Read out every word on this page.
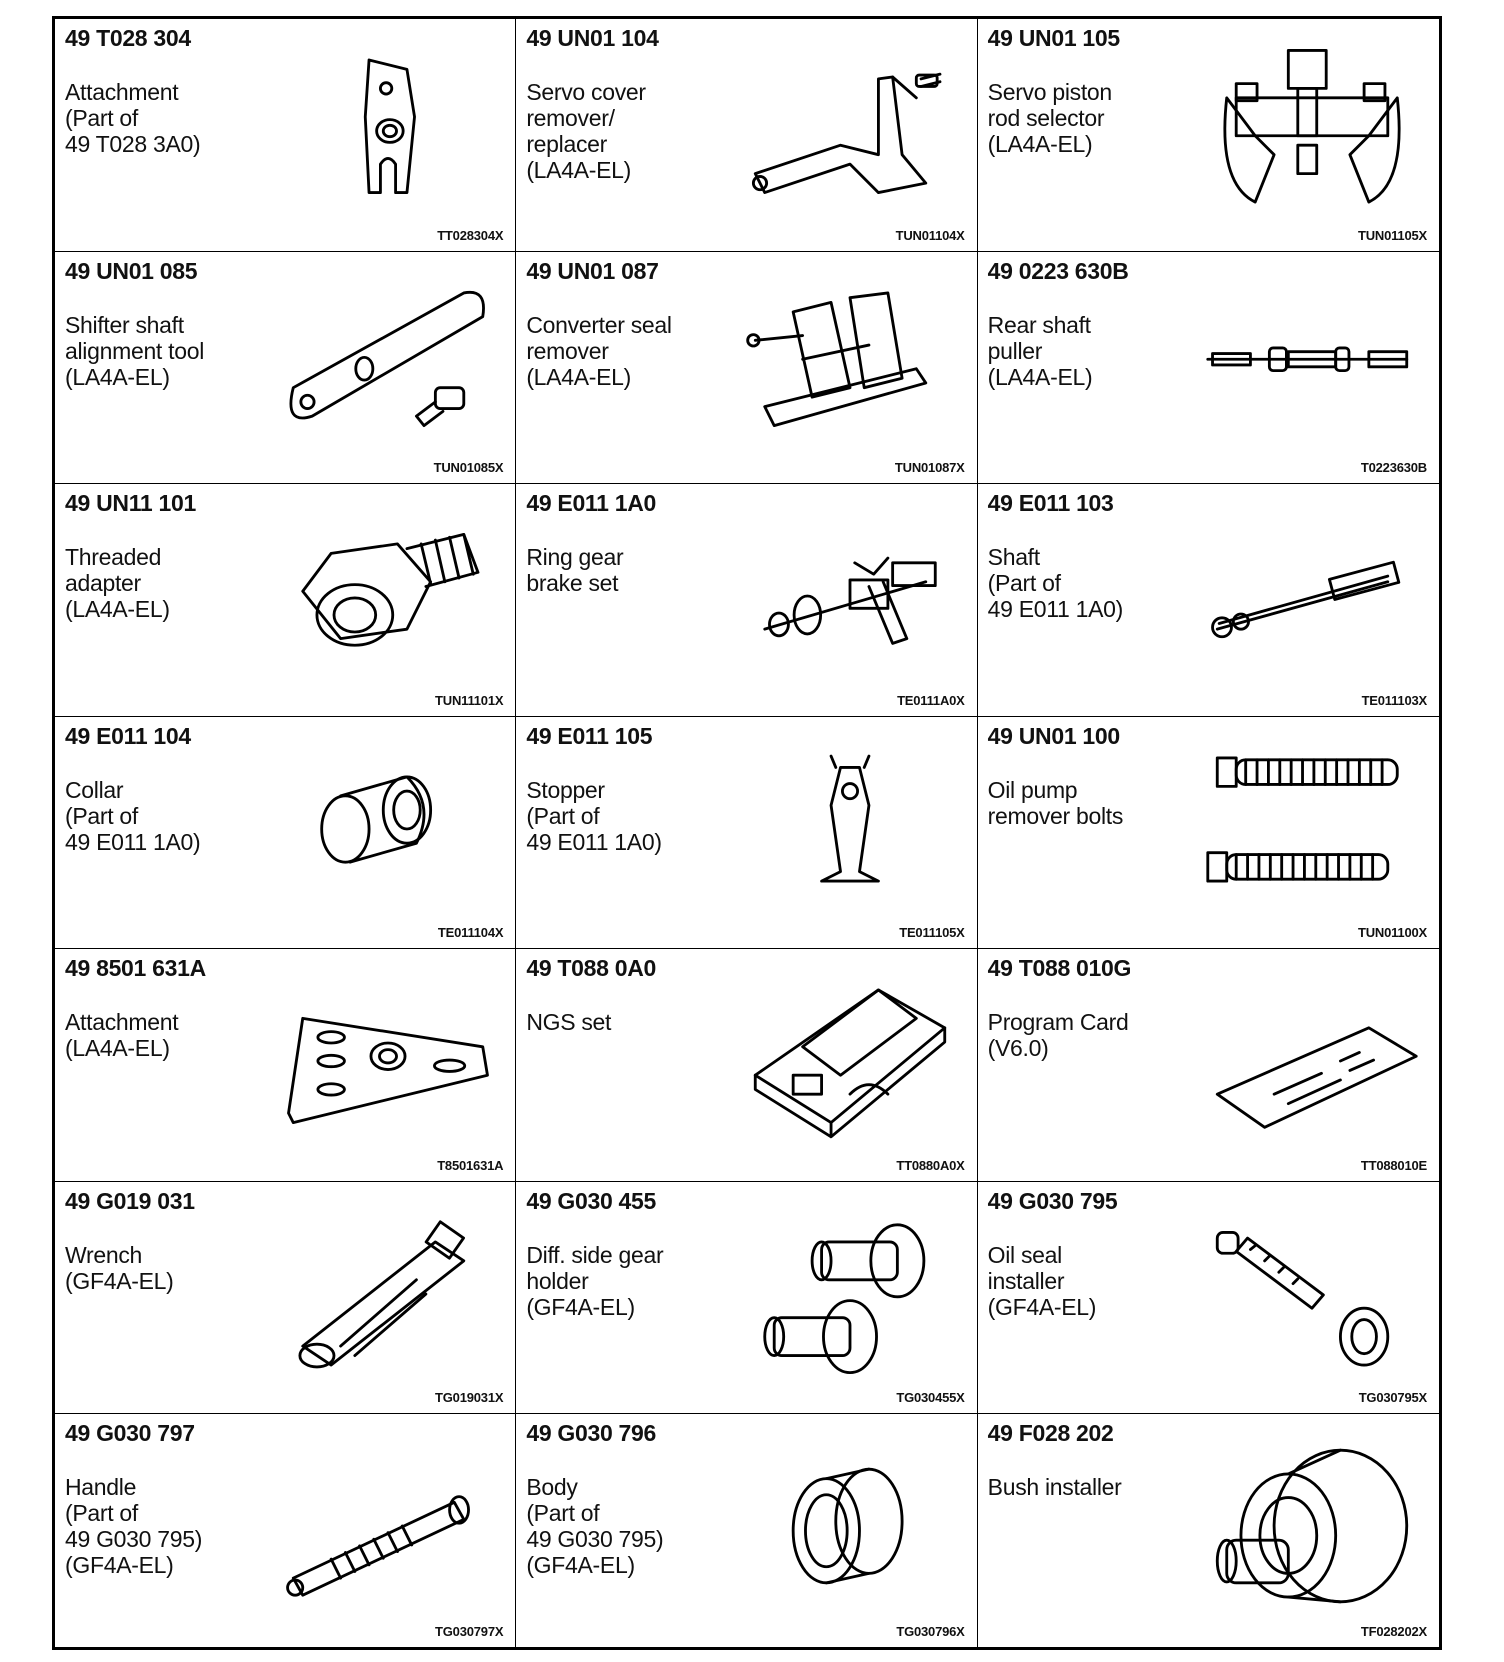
49 T028 304
Attachment
(Part of
49 T028 3A0)
TT028304X
49 UN01 104
Servo cover
remover/
replacer
(LA4A-EL)
TUN01104X
49 UN01 105
Servo piston
rod selector
(LA4A-EL)
TUN01105X
49 UN01 085
Shifter shaft
alignment tool
(LA4A-EL)
TUN01085X
49 UN01 087
Converter seal
remover
(LA4A-EL)
TUN01087X
49 0223 630B
Rear shaft
puller
(LA4A-EL)
T0223630B
49 UN11 101
Threaded
adapter
(LA4A-EL)
TUN11101X
49 E011 1A0
Ring gear
brake set
TE0111A0X
49 E011 103
Shaft
(Part of
49 E011 1A0)
TE011103X
49 E011 104
Collar
(Part of
49 E011 1A0)
TE011104X
49 E011 105
Stopper
(Part of
49 E011 1A0)
TE011105X
49 UN01 100
Oil pump
remover bolts
TUN01100X
49 8501 631A
Attachment
(LA4A-EL)
T8501631A
49 T088 0A0
NGS set
TT0880A0X
49 T088 010G
Program Card
(V6.0)
TT088010E
49 G019 031
Wrench
(GF4A-EL)
TG019031X
49 G030 455
Diff. side gear
holder
(GF4A-EL)
TG030455X
49 G030 795
Oil seal
installer
(GF4A-EL)
TG030795X
49 G030 797
Handle
(Part of
49 G030 795)
(GF4A-EL)
TG030797X
49 G030 796
Body
(Part of
49 G030 795)
(GF4A-EL)
TG030796X
49 F028 202
Bush installer
TF028202X
